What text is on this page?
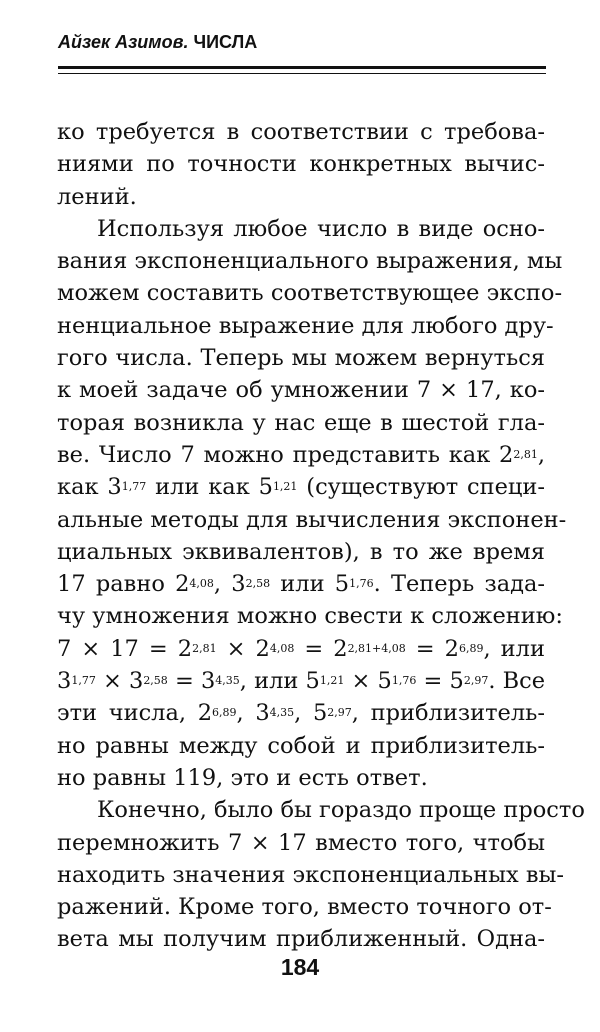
Айзек Азимов. ЧИСЛА
ко требуется в соответствии с требова-
ниями по точности конкретных вычис-
лений.
Используя любое число в виде осно-
вания экспоненциального выражения, мы
можем составить соответствующее экспо-
ненциальное выражение для любого дру-
гого числа. Теперь мы можем вернуться
к моей задаче об умножении 7 × 17, ко-
торая возникла у нас еще в шестой гла-
ве. Число 7 можно представить как 2$^{2,81}$,
как 3$^{1,77}$ или как 5$^{1,21}$ (существуют специ-
альные методы для вычисления экспонен-
циальных эквивалентов), в то же время
17 равно 2$^{4,08}$, 3$^{2,58}$ или 5$^{1,76}$. Теперь зада-
чу умножения можно свести к сложению:
$7 \times 17 = 2^{2,81} \times 2^{4,08} = 2^{2,81+4,08} = 2^{6,89}$, или
$3^{1,77} \times 3^{2,58} = 3^{4,35}$, или $5^{1,21} \times 5^{1,76} = 5^{2,97}$. Все
эти числа, 2$^{6,89}$, 3$^{4,35}$, 5$^{2,97}$, приблизитель-
но равны между собой и приблизитель-
но равны 119, это и есть ответ.
Конечно, было бы гораздо проще просто
перемножить 7 × 17 вместо того, чтобы
находить значения экспоненциальных вы-
ражений. Кроме того, вместо точного от-
вета мы получим приближенный. Одна-
184
